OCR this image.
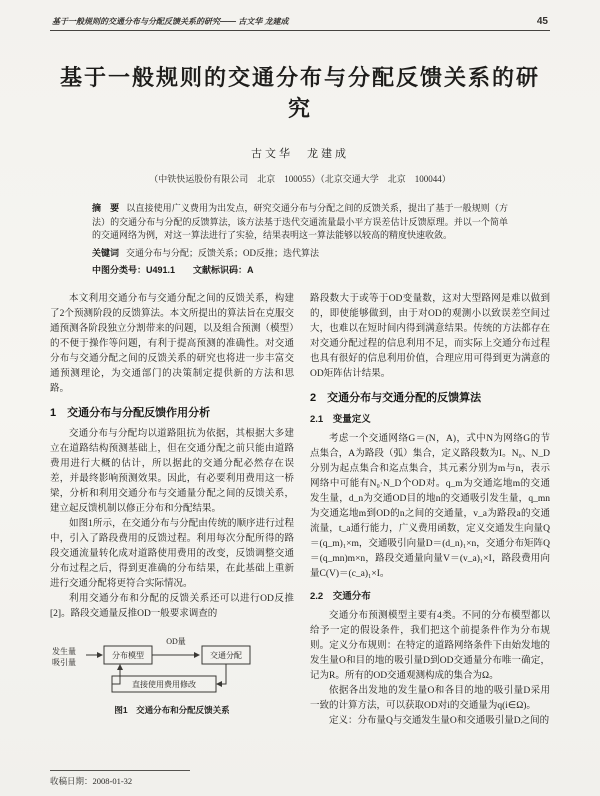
基于一般规则的交通分布与分配反馈关系的研究—— 古文华 龙建成	45
基于一般规则的交通分布与分配反馈关系的研究
古文华　龙建成
（中铁快运股份有限公司　北京　100055）（北京交通大学　北京　100044）
摘　要 以直接使用广义费用为出发点，研究交通分布与分配之间的反馈关系，提出了基于一般规则（方法）的交通分布与分配的反馈算法，该方法基于迭代交通流量最小平方误差估计反馈原理。并以一个简单的交通网络为例，对这一算法进行了实验，结果表明这一算法能够以较高的精度快速收敛。
关键词 交通分布与分配；反馈关系；OD反推；迭代算法
中图分类号：U491.1　　文献标识码：A

本文利用交通分布与交通分配之间的反馈关系，构建了2个预测阶段的反馈算法。本文所提出的算法旨在克服交通预测各阶段独立分割带来的问题，以及组合预测（模型）的不便于操作等问题，有利于提高预测的准确性。对交通分布与交通分配之间的反馈关系的研究也将进一步丰富交通预测理论，为交通部门的决策制定提供新的方法和思路。

1　交通分布与分配反馈作用分析

交通分布与分配均以道路阻抗为依据，其根据大多建立在道路结构预测基础上，但在交通分配之前只能由道路费用进行大概的估计，所以据此的交通分配必然存在误差，并最终影响预测效果。因此，有必要利用费用这一桥梁，分析和利用交通分布与交通量分配之间的反馈关系，建立起反馈机制以修正分布和分配结果。

如图1所示，在交通分布与分配由传统的顺序进行过程中，引入了路段费用的反馈过程。利用每次分配所得的路段交通流量转化成对道路使用费用的改变，反馈调整交通分布过程之后，得到更准确的分布结果，在此基础上重新进行交通分配将更符合实际情况。

利用交通分布和分配的反馈关系还可以进行OD反推[2]。路段交通量反推OD一般要求调查的

发生量
吸引量
分布模型
OD量
交通分配
直接使用费用修改
图1　交通分布和分配反馈关系

路段数大于或等于OD变量数，这对大型路网是难以做到的，即使能够做到，由于对OD的观测小以致误差空间过大，也难以在短时间内得到满意结果。传统的方法都存在对交通分配过程的信息利用不足，而实际上交通分布过程也具有很好的信息利用价值，合理应用可得到更为满意的OD矩阵估计结果。

2　交通分布与交通分配的反馈算法
2.1　变量定义

考虑一个交通网络G＝(N，A)，式中N为网络G的节点集合，A为路段（弧）集合，定义路段数为I。N₀、N_D分别为起点集合和迄点集合，其元素分别为m与n，表示网络中可能有N₀·N_D个OD对。q_m为交通迄地m的交通发生量，d_n为交通OD目的地n的交通吸引发生量，q_mn为交通迄地m到OD的n之间的交通量，v_a为路段a的交通流量，t_a通行能力，广义费用函数，定义交通发生向量Q＝(q_m)₁×m，交通吸引向量D＝(d_n)₁×n，交通分布矩阵Q＝(q_mn)m×n，路段交通量向量V＝(v_a)₁×I，路段费用向量C(V)＝(c_a)₁×I。

2.2　交通分布

交通分布预测模型主要有4类。不同的分布模型都以给予一定的假设条件，我们把这个前提条件作为分布规则。定义分布规则：在特定的道路网络条件下由始发地的发生量O和目的地的吸引量D到OD交通量分布唯一确定，记为R。所有的OD交通观测构成的集合为Ω。

依据各出发地的发生量O和各目的地的吸引量D采用一致的计算方法，可以获取OD对i的交通量为q(i∈Ω)。

定义：分布量Q与交通发生量O和交通吸引量D之间的

收稿日期：2008-01-32
